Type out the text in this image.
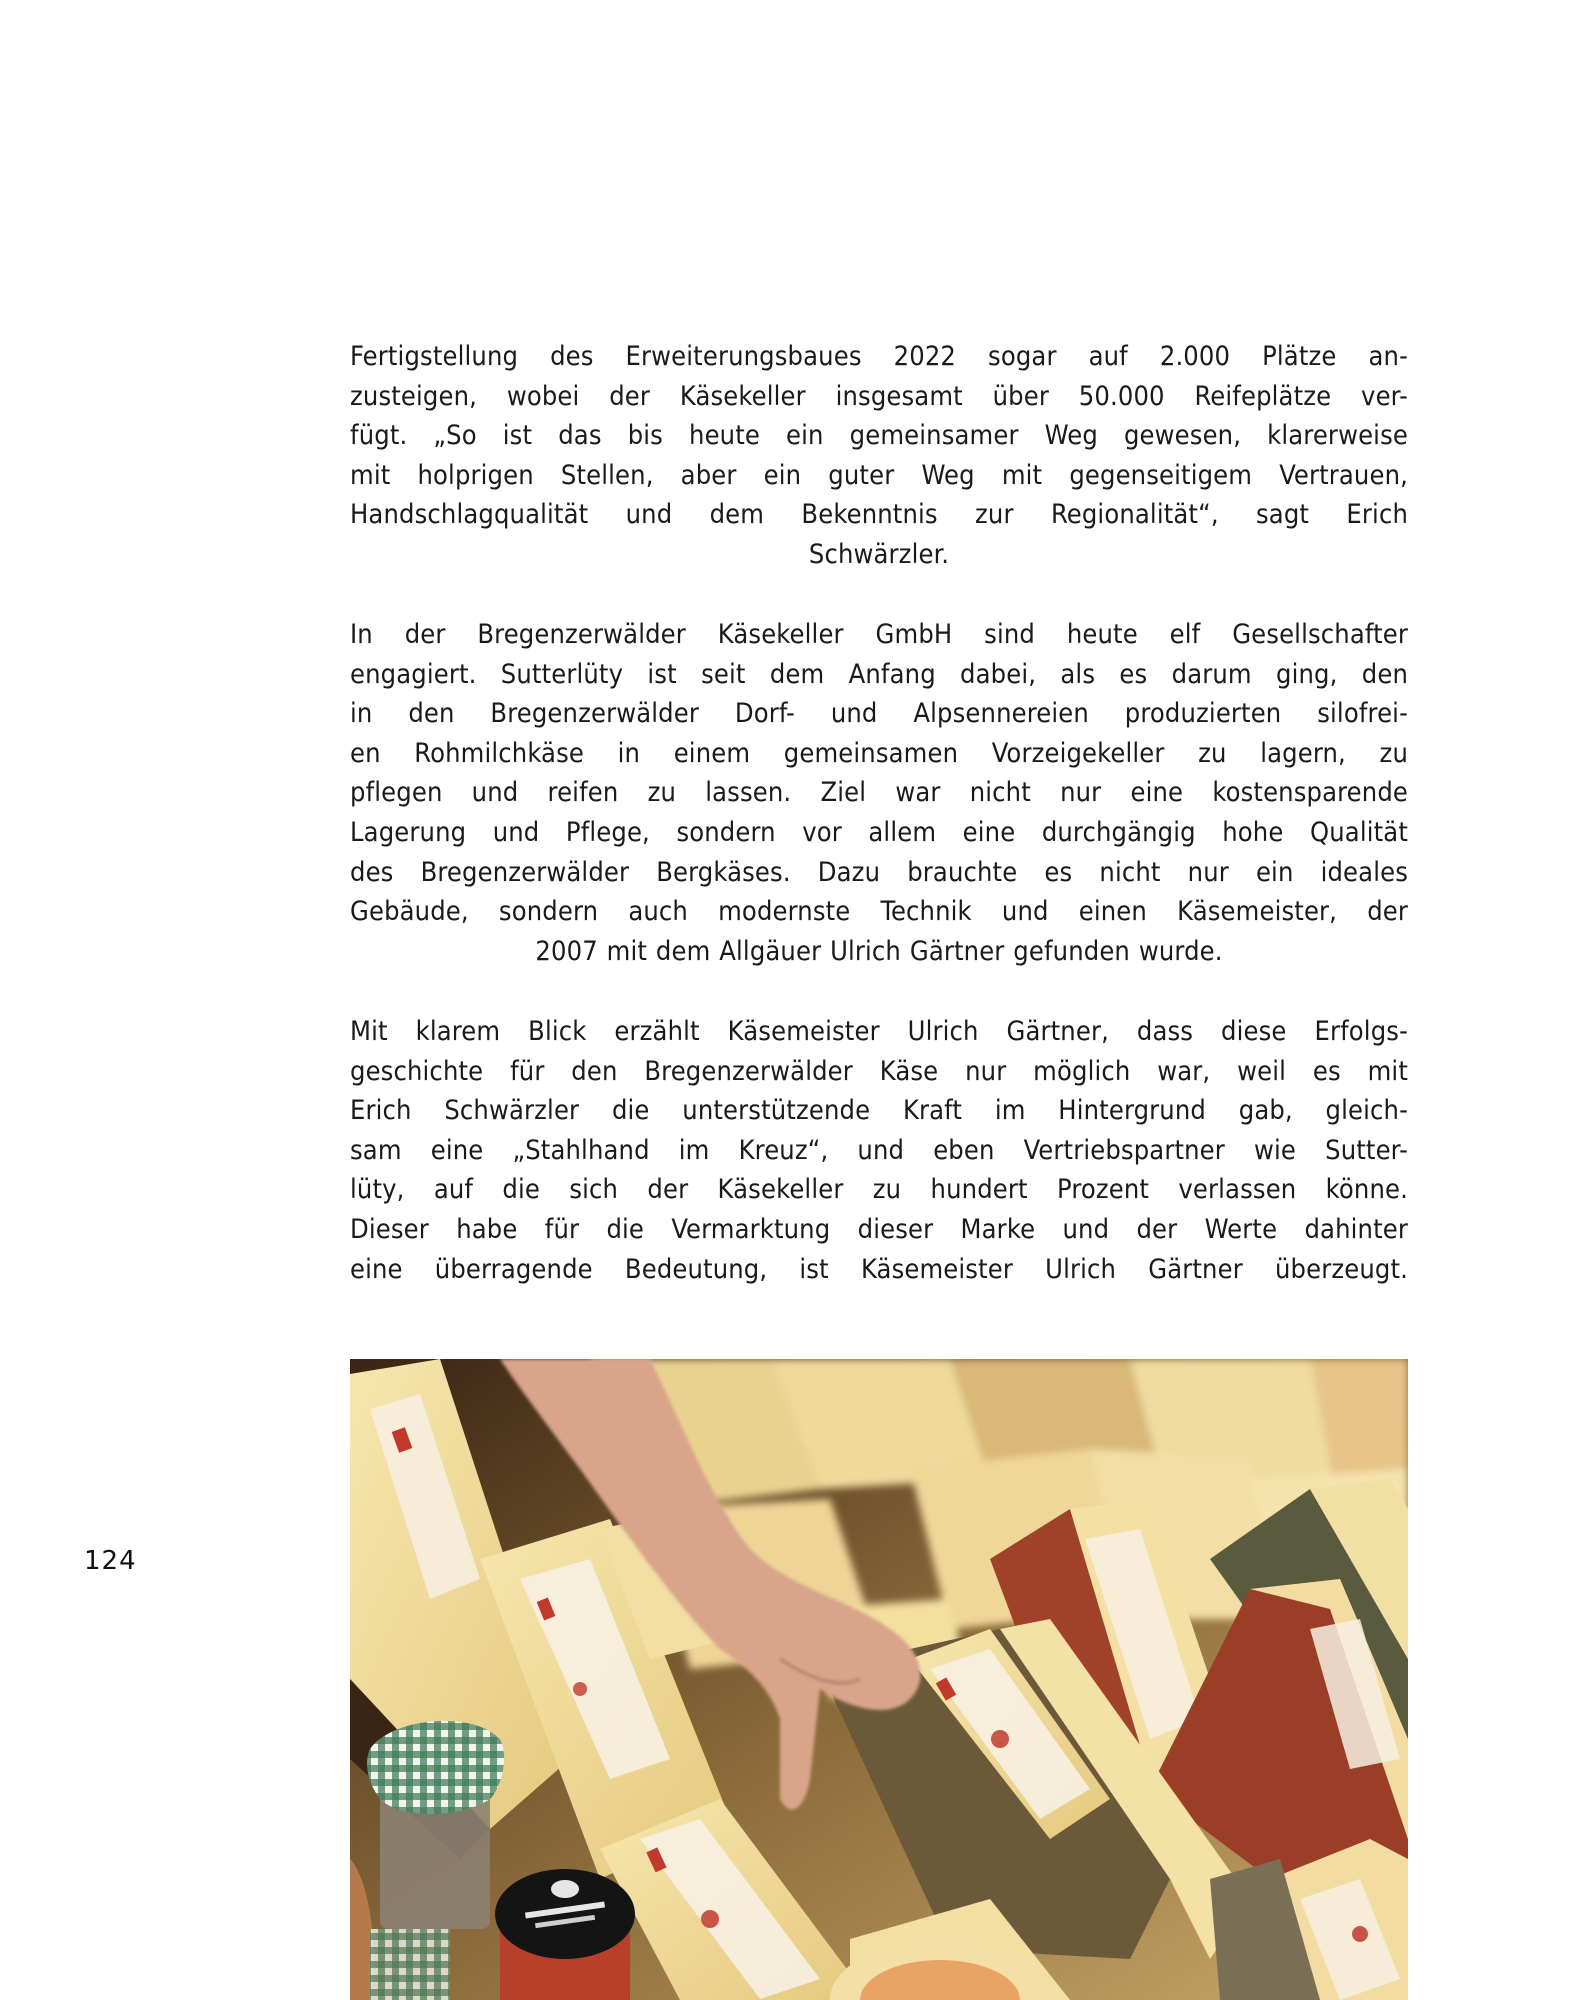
Fertigstellung des Erweiterungsbaues 2022 sogar auf 2.000 Plätze an-
zusteigen, wobei der Käsekeller insgesamt über 50.000 Reifeplätze ver-
fügt. „So ist das bis heute ein gemeinsamer Weg gewesen, klarerweise
mit holprigen Stellen, aber ein guter Weg mit gegenseitigem Vertrauen,
Handschlagqualität und dem Bekenntnis zur Regionalität“, sagt Erich
Schwärzler.
In der Bregenzerwälder Käsekeller GmbH sind heute elf Gesellschafter
engagiert. Sutterlüty ist seit dem Anfang dabei, als es darum ging, den
in den Bregenzerwälder Dorf- und Alpsennereien produzierten silofrei-
en Rohmilchkäse in einem gemeinsamen Vorzeigekeller zu lagern, zu
pflegen und reifen zu lassen. Ziel war nicht nur eine kostensparende
Lagerung und Pflege, sondern vor allem eine durchgängig hohe Qualität
des Bregenzerwälder Bergkäses. Dazu brauchte es nicht nur ein ideales
Gebäude, sondern auch modernste Technik und einen Käsemeister, der
2007 mit dem Allgäuer Ulrich Gärtner gefunden wurde.
Mit klarem Blick erzählt Käsemeister Ulrich Gärtner, dass diese Erfolgs-
geschichte für den Bregenzerwälder Käse nur möglich war, weil es mit
Erich Schwärzler die unterstützende Kraft im Hintergrund gab, gleich-
sam eine „Stahlhand im Kreuz“, und eben Vertriebspartner wie Sutter-
lüty, auf die sich der Käsekeller zu hundert Prozent verlassen könne.
Dieser habe für die Vermarktung dieser Marke und der Werte dahinter
eine überragende Bedeutung, ist Käsemeister Ulrich Gärtner überzeugt.
124
